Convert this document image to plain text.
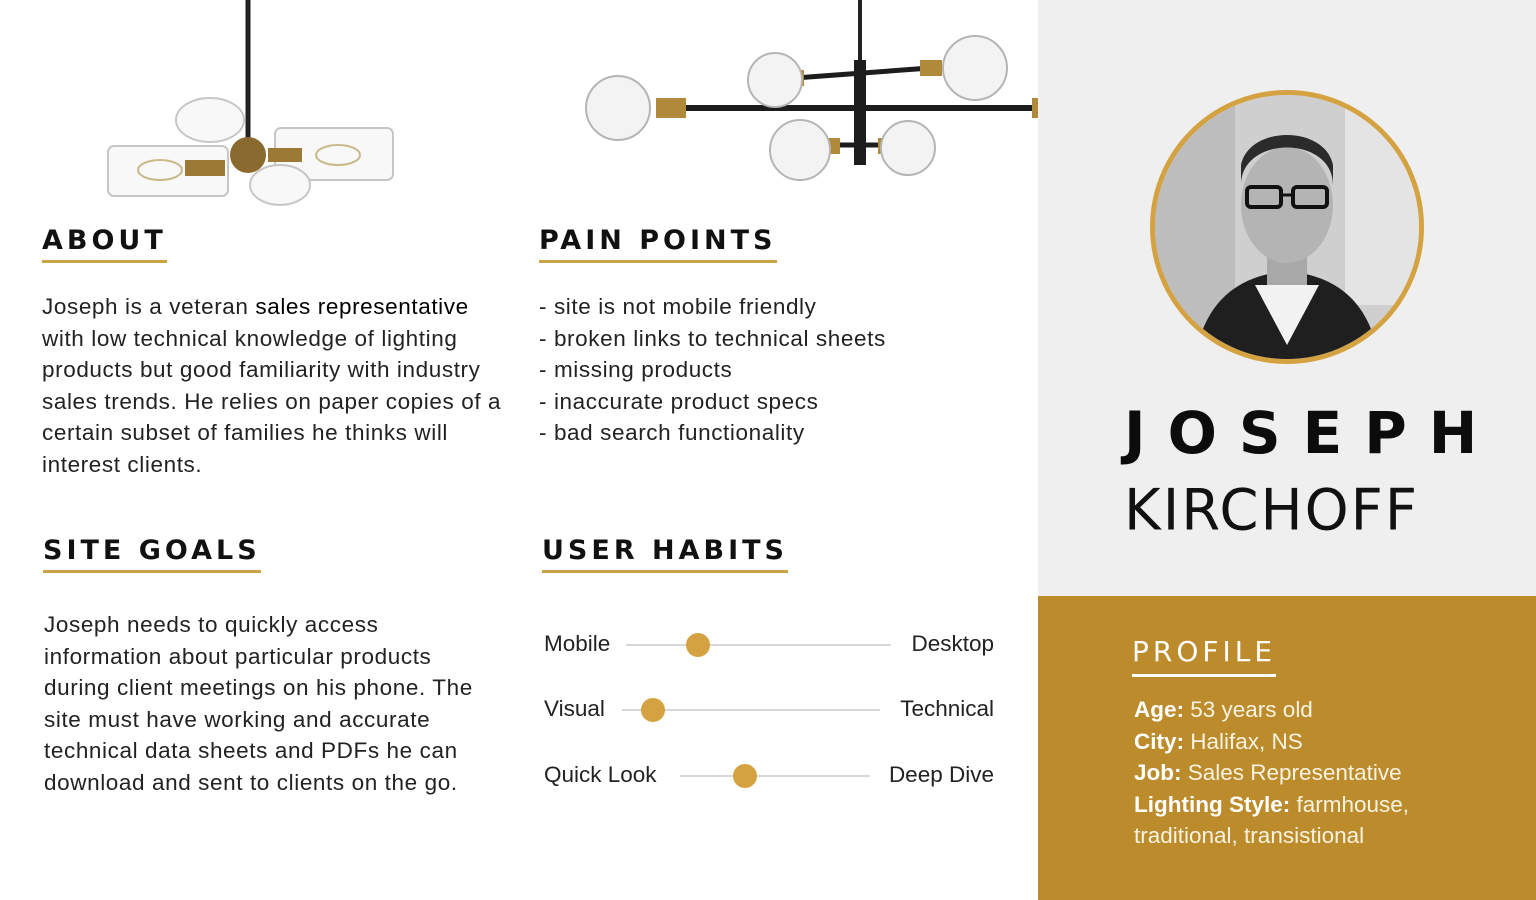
ABOUT
Joseph is a veteran sales representative with low technical knowledge of lighting products but good familiarity with industry sales trends. He relies on paper copies of a certain subset of families he thinks will interest clients.
PAIN POINTS
- site is not mobile friendly
- broken links to technical sheets
- missing products
- inaccurate product specs
- bad search functionality
SITE GOALS
Joseph needs to quickly access information about particular products during client meetings on his phone. The site must have working and accurate technical data sheets and PDFs he can download and sent to clients on the go.
USER HABITS
Mobile	Desktop
Visual	Technical
Quick Look	Deep Dive
JOSEPH
KIRCHOFF
PROFILE
Age: 53 years old
City: Halifax, NS
Job: Sales Representative
Lighting Style: farmhouse, traditional, transistional
